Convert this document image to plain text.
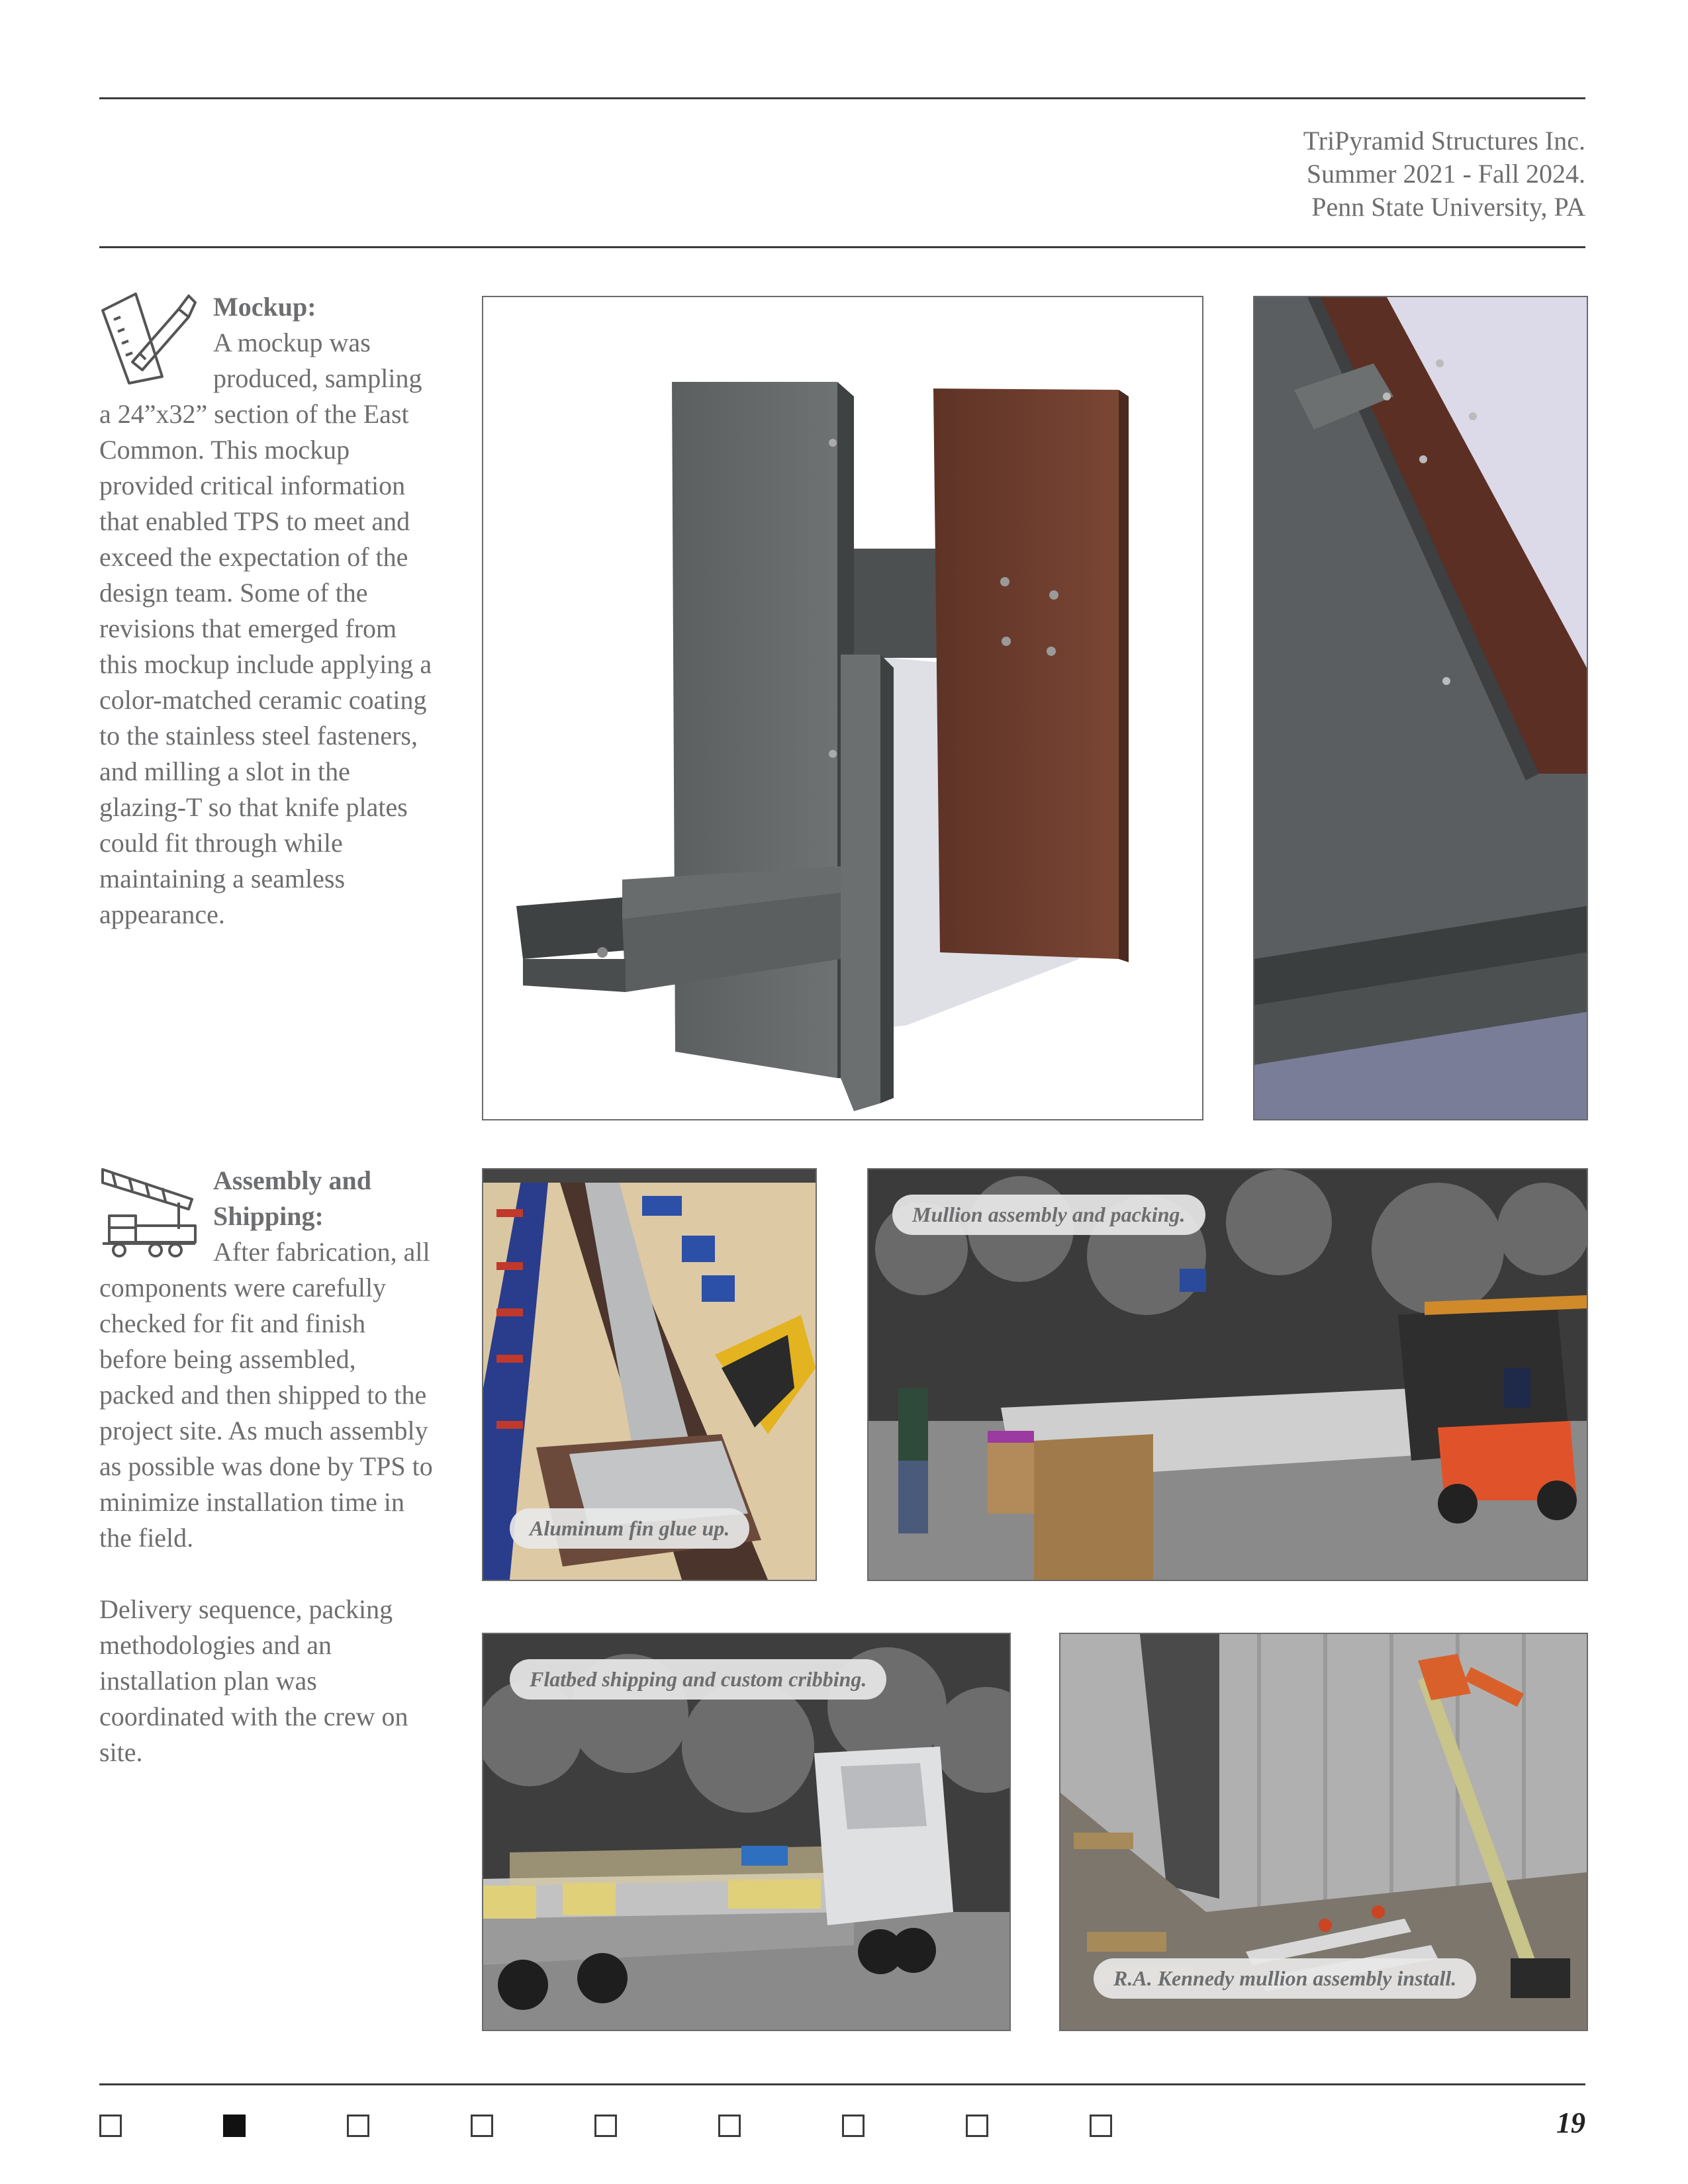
TriPyramid Structures Inc.
Summer 2021 - Fall 2024.
Penn State University, PA
Mockup:
A mockup was produced, sampling a 24”x32” section of the East Common. This mockup provided critical information that enabled TPS to meet and exceed the expectation of the design team. Some of the revisions that emerged from this mockup include applying a color-matched ceramic coating to the stainless steel fasteners, and milling a slot in the glazing-T so that knife plates could fit through while maintaining a seamless appearance.
Assembly and Shipping:
After fabrication, all components were carefully checked for fit and finish before being assembled, packed and then shipped to the project site. As much assembly as possible was done by TPS to minimize installation time in the field.
Delivery sequence, packing methodologies and an installation plan was coordinated with the crew on site.
Aluminum fin glue up.
Mullion assembly and packing.
Flatbed shipping and custom cribbing.
R.A. Kennedy mullion assembly install.
19
